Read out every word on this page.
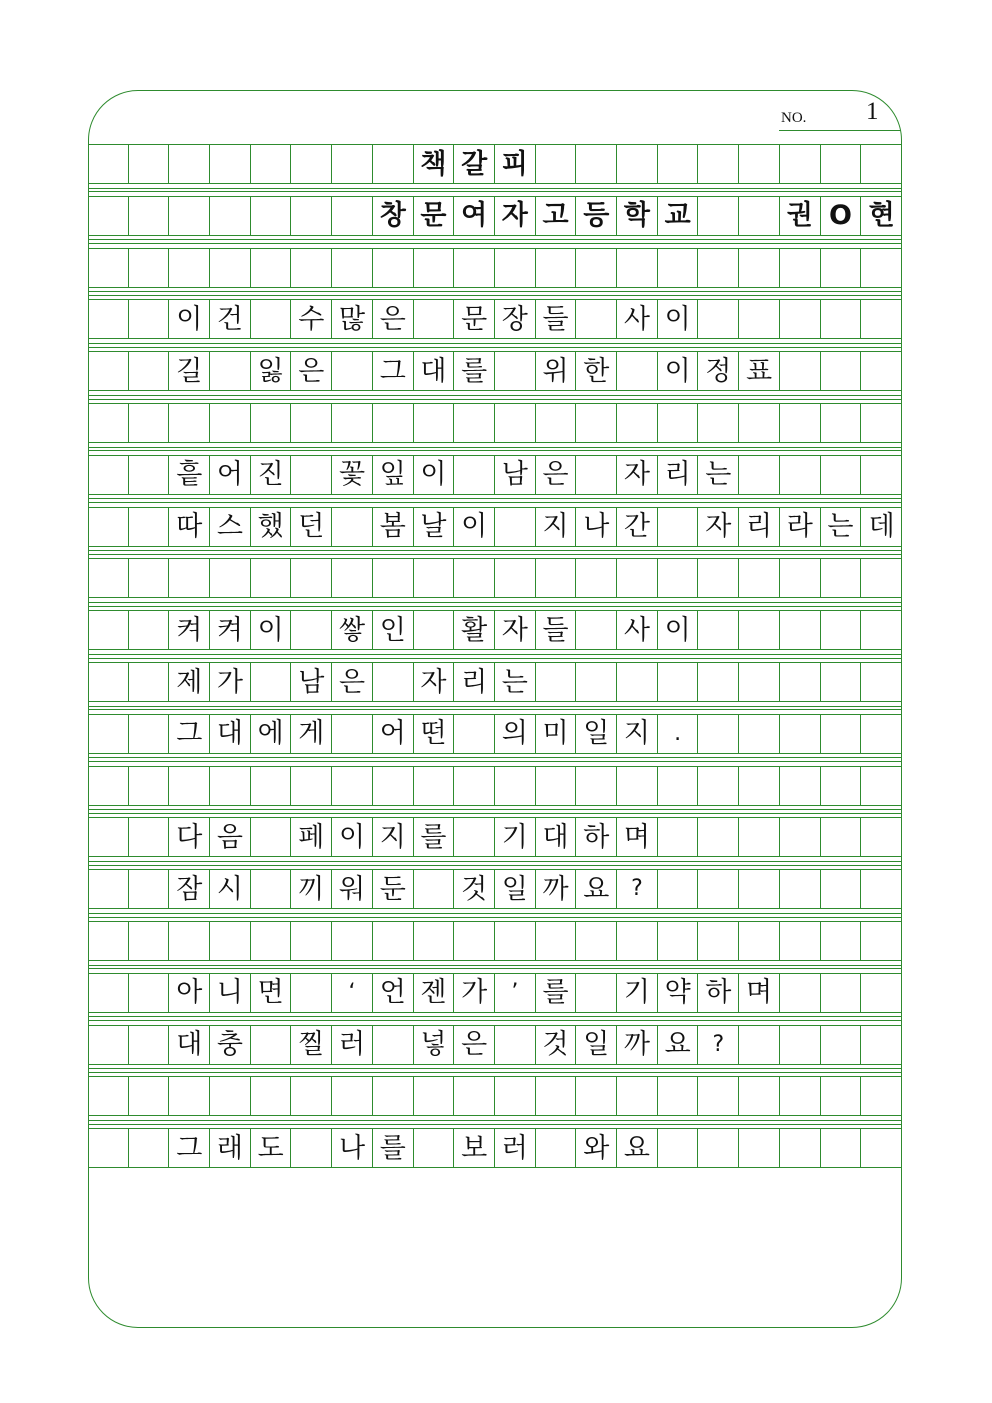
NO. 1
책 갈 피
창 문 여 자 고 등 학 교	권 O 현
이 건 수 많 은 문 장 들 사 이
길 잃 은 그 대 를 위 한 이 정 표
흩 어 진 꽃 잎 이 남 은 자 리 는
따 스 했 던 봄 날 이 지 나 간 자 리 라 는 데
켜 켜 이 쌓 인 활 자 들 사 이
제 가 남 은 자 리 는
그 대 에 게 어 떤 의 미 일 지	.
다 음 페 이 지 를 기 대 하 며
잠 시 끼 워 둔 것 일 까 요 ?
아 니 면	‘ 언 젠 가	’ 를 기 약 하 며
대 충 찔 러 넣 은 것 일 까 요 ?
그 래 도 나 를 보 러 와 요
